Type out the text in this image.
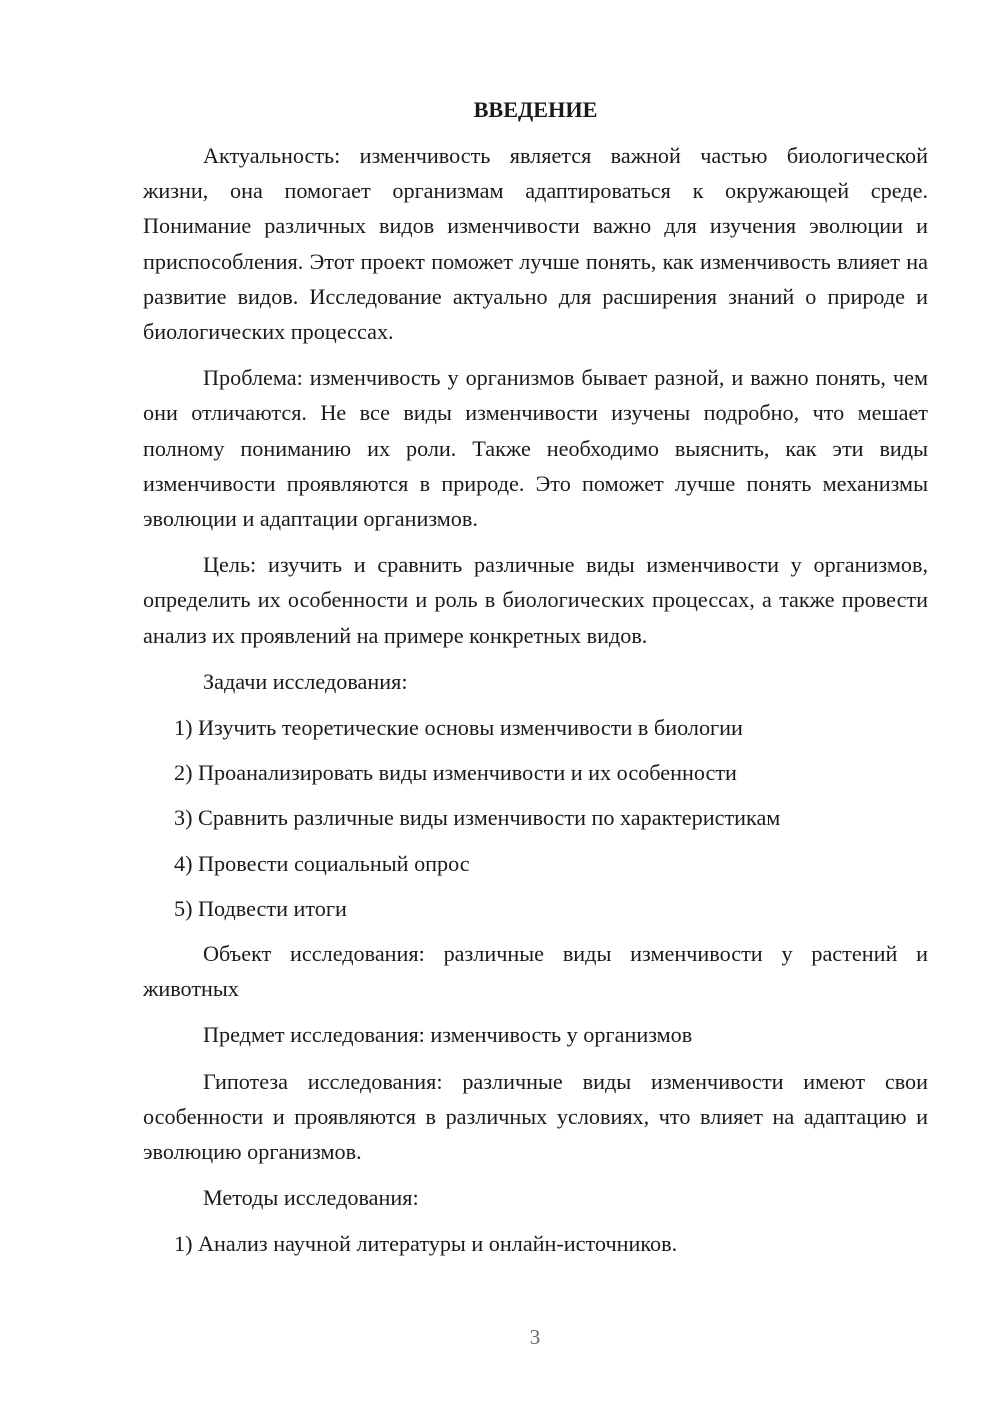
ВВЕДЕНИЕ

Актуальность: изменчивость является важной частью биологической жизни, она помогает организмам адаптироваться к окружающей среде. Понимание различных видов изменчивости важно для изучения эволюции и приспособления. Этот проект поможет лучше понять, как изменчивость влияет на развитие видов. Исследование актуально для расширения знаний о природе и биологических процессах.

Проблема: изменчивость у организмов бывает разной, и важно понять, чем они отличаются. Не все виды изменчивости изучены подробно, что мешает полному пониманию их роли. Также необходимо выяснить, как эти виды изменчивости проявляются в природе. Это поможет лучше понять механизмы эволюции и адаптации организмов.

Цель: изучить и сравнить различные виды изменчивости у организмов, определить их особенности и роль в биологических процессах, а также провести анализ их проявлений на примере конкретных видов.

Задачи исследования:

1) Изучить теоретические основы изменчивости в биологии

2) Проанализировать виды изменчивости и их особенности

3) Сравнить различные виды изменчивости по характеристикам

4) Провести социальный опрос

5) Подвести итоги

Объект исследования: различные виды изменчивости у растений и животных

Предмет исследования: изменчивость у организмов

Гипотеза исследования: различные виды изменчивости имеют свои особенности и проявляются в различных условиях, что влияет на адаптацию и эволюцию организмов.

Методы исследования:

1) Анализ научной литературы и онлайн-источников.

3
